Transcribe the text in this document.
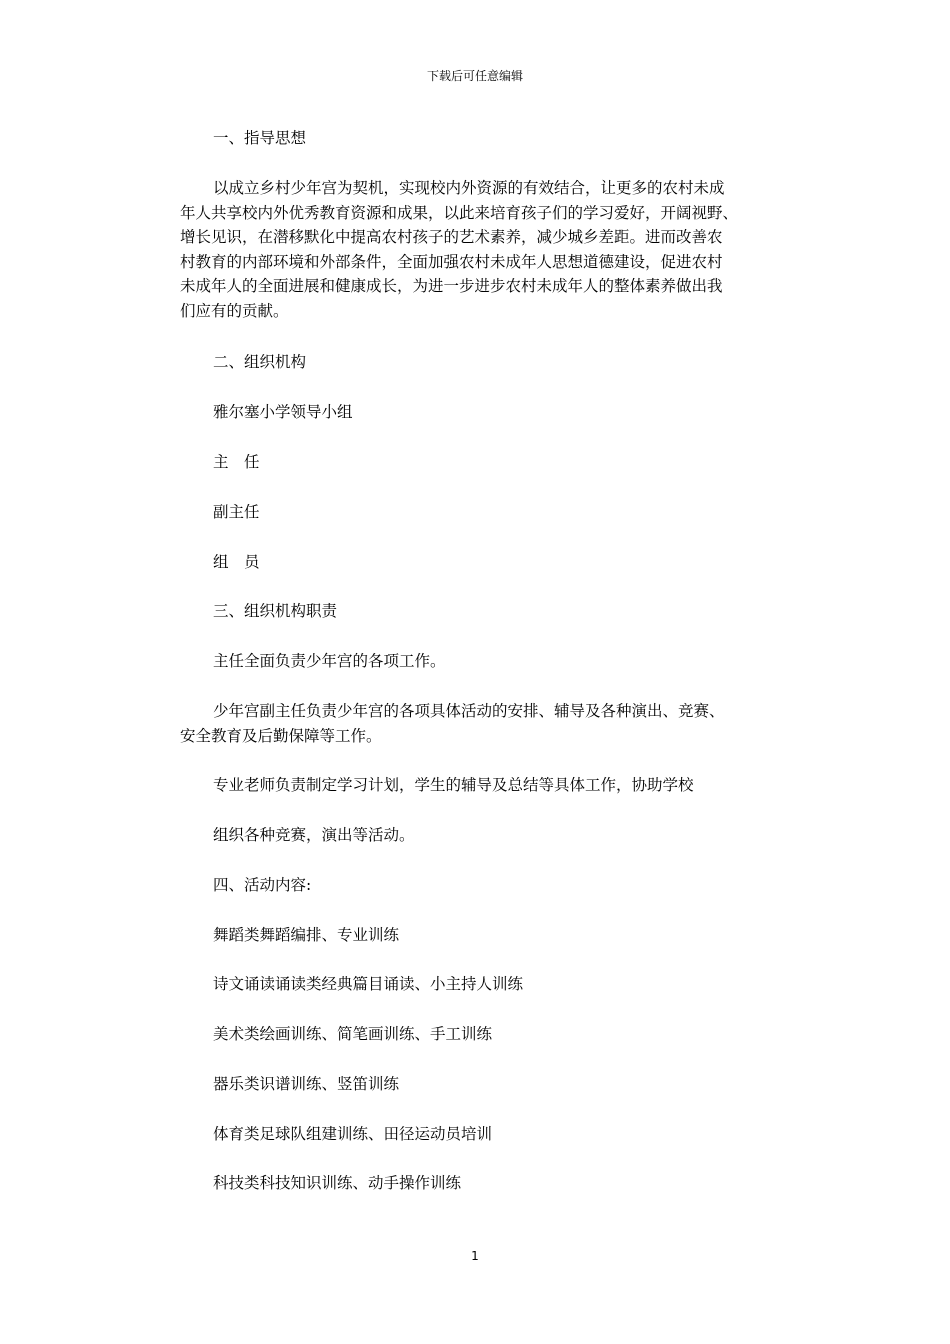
下载后可任意编辑
一、指导思想
以成立乡村少年宫为契机，实现校内外资源的有效结合，让更多的农村未成
年人共享校内外优秀教育资源和成果，以此来培育孩子们的学习爱好，开阔视野、
增长见识，在潜移默化中提高农村孩子的艺术素养，减少城乡差距。进而改善农
村教育的内部环境和外部条件，全面加强农村未成年人思想道德建设，促进农村
未成年人的全面进展和健康成长，为进一步进步农村未成年人的整体素养做出我
们应有的贡献。
二、组织机构
雅尔塞小学领导小组
主　任
副主任
组　员
三、组织机构职责
主任全面负责少年宫的各项工作。
少年宫副主任负责少年宫的各项具体活动的安排、辅导及各种演出、竞赛、
安全教育及后勤保障等工作。
专业老师负责制定学习计划，学生的辅导及总结等具体工作，协助学校
组织各种竞赛，演出等活动。
四、活动内容:
舞蹈类舞蹈编排、专业训练
诗文诵读诵读类经典篇目诵读、小主持人训练
美术类绘画训练、简笔画训练、手工训练
器乐类识谱训练、竖笛训练
体育类足球队组建训练、田径运动员培训
科技类科技知识训练、动手操作训练
1
